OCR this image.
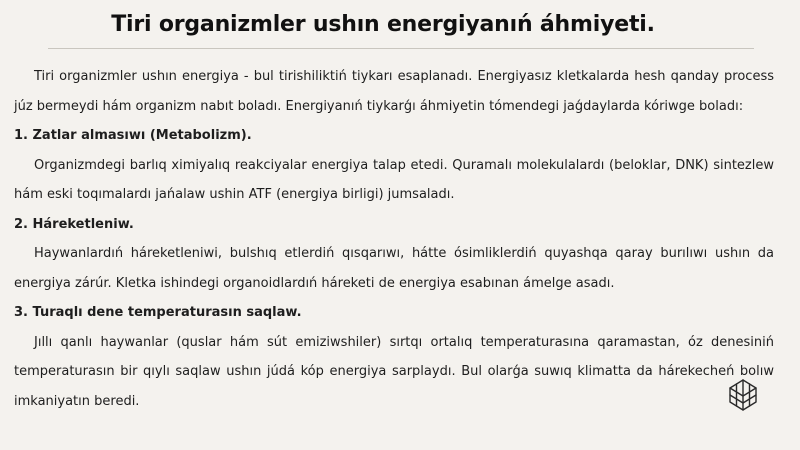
Tiri organizmler ushın energiyanıń áhmiyeti.

Tiri organizmler ushın energiya - bul tirishiliktiń tiykarı esaplanadı. Energiyasız kletkalarda hesh qanday process júz bermeydi hám organizm nabıt boladı. Energiyanıń tiykarǵı áhmiyetin tómendegi jaǵdaylarda kóriwge boladı:

1. Zatlar almasıwı (Metabolizm).

Organizmdegi barlıq ximiyalıq reakciyalar energiya talap etedi. Quramalı molekulalardı (beloklar, DNK) sintezlew hám eski toqımalardı jańalaw ushin ATF (energiya birligi) jumsaladı.

2. Háreketleniw.

Haywanlardıń háreketleniwi, bulshıq etlerdiń qısqarıwı, hátte ósimliklerdiń quyashqa qaray burılıwı ushın da energiya zárúr. Kletka ishindegi organoidlardıń háreketi de energiya esabınan ámelge asadı.

3. Turaqlı dene temperaturasın saqlaw.

Jıllı qanlı haywanlar (quslar hám sút emiziwshiler) sırtqı ortalıq temperaturasına qaramastan, óz denesiniń temperaturasın bir qıylı saqlaw ushın júdá kóp energiya sarplaydı. Bul olarǵa suwıq klimatta da hárekecheń bolıw imkaniyatın beredi.
